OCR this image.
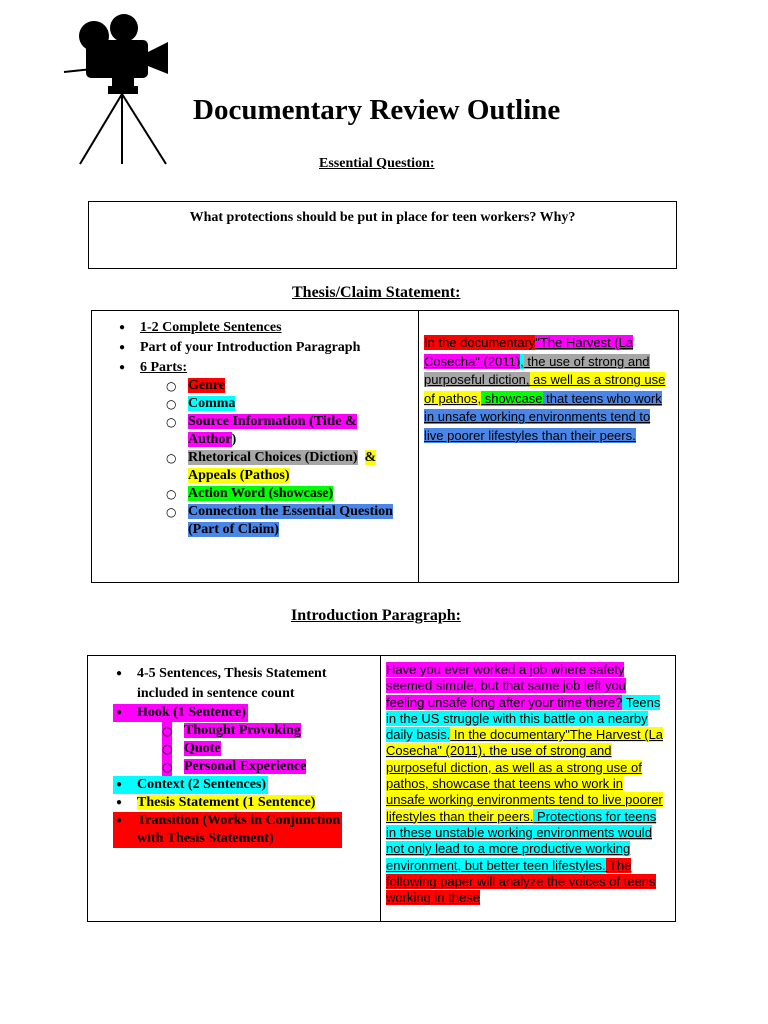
Documentary Review Outline
Essential Question:
What protections should be put in place for teen workers? Why?
Thesis/Claim Statement:
● 1-2 Complete Sentences
● Part of your Introduction Paragraph
● 6 Parts:
○ Genre
○ Comma
○ Source Information (Title &
Author)
○ Rhetorical Choices (Diction) &
Appeals (Pathos)
○ Action Word (showcase)
○ Connection the Essential Question
(Part of Claim)
In the documentary"The Harvest (La Cosecha" (2011), the use of strong and purposeful diction, as well as a strong use of pathos, showcase that teens who work in unsafe working environments tend to live poorer lifestyles than their peers.
Introduction Paragraph:
● 4-5 Sentences, Thesis Statement
included in sentence count
● Hook (1 Sentence)
○ Thought Provoking
○ Quote
○ Personal Experience
● Context (2 Sentences)
● Thesis Statement (1 Sentence)
● Transition (Works in Conjunction
with Thesis Statement)
Have you ever worked a job where safety seemed simple, but that same job left you feeling unsafe long after your time there? Teens in the US struggle with this battle on a nearby daily basis. In the documentary"The Harvest (La Cosecha" (2011), the use of strong and purposeful diction, as well as a strong use of pathos, showcase that teens who work in unsafe working environments tend to live poorer lifestyles than their peers. Protections for teens in these unstable working environments would not only lead to a more productive working environment, but better teen lifestyles. The following paper will analyze the voices of teens working in these
